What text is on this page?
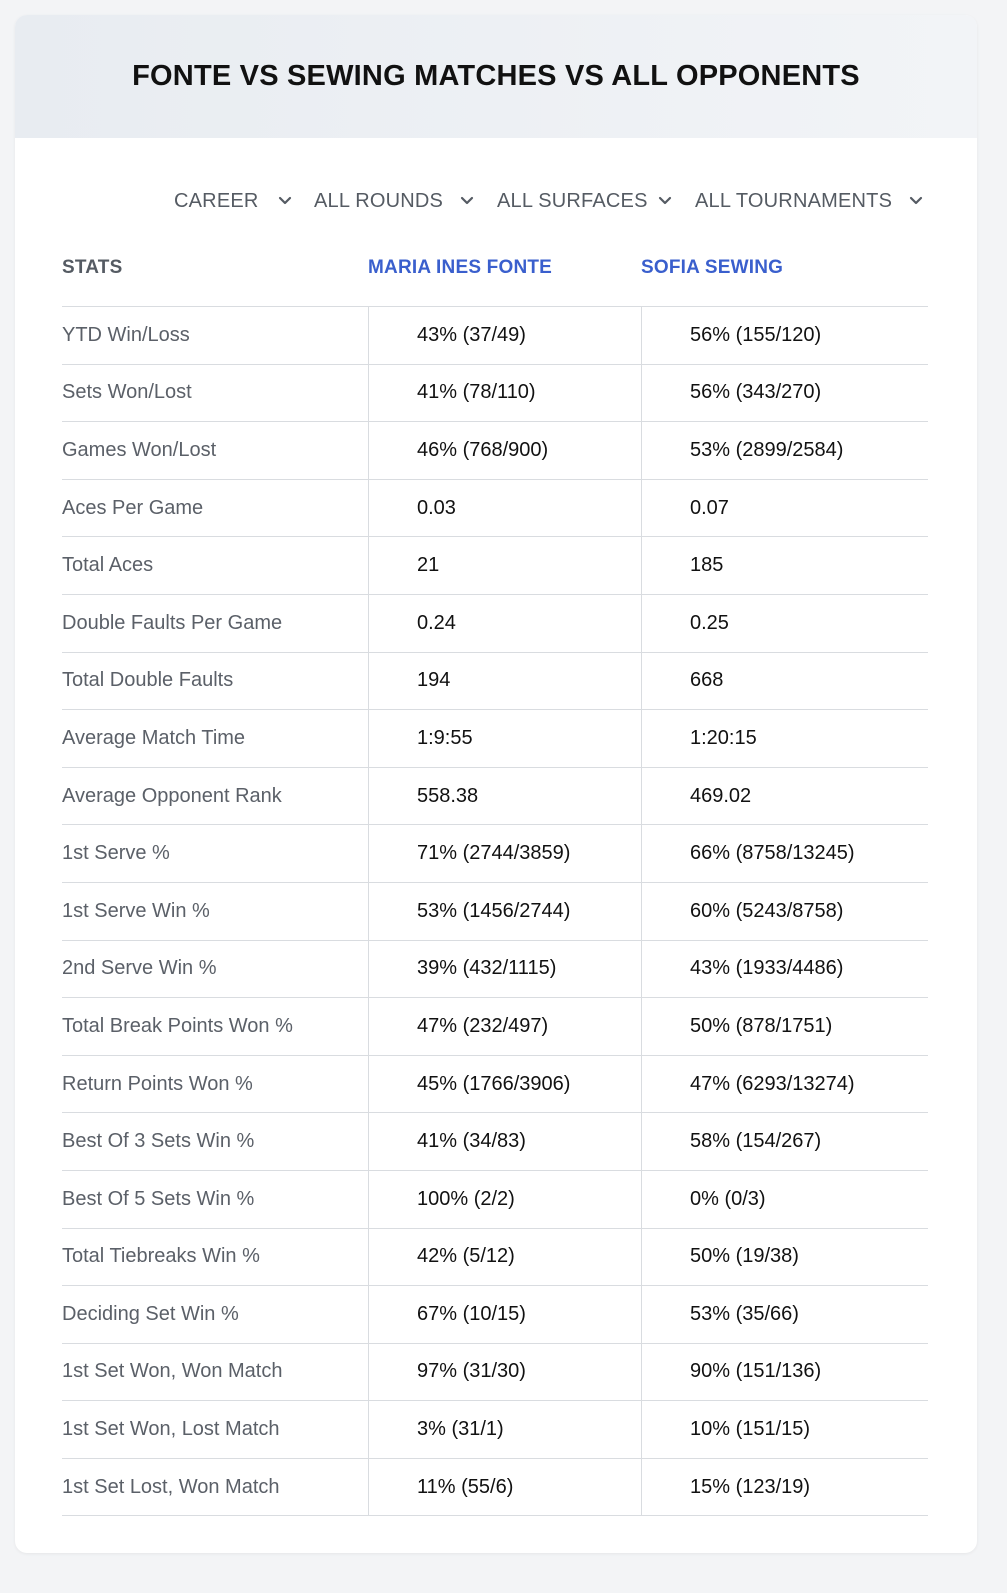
FONTE VS SEWING MATCHES VS ALL OPPONENTS
CAREER	ALL ROUNDS	ALL SURFACES ALL TOURNAMENTS
STATS	MARIA INES FONTE	SOFIA SEWING
YTD Win/Loss	43% (37/49)	56% (155/120)
Sets Won/Lost	41% (78/110)	56% (343/270)
Games Won/Lost	46% (768/900)	53% (2899/2584)
Aces Per Game	0.03	0.07
Total Aces	21	185
Double Faults Per Game	0.24	0.25
Total Double Faults	194	668
Average Match Time	1:9:55	1:20:15
Average Opponent Rank	558.38	469.02
1st Serve %	71% (2744/3859)	66% (8758/13245)
1st Serve Win %	53% (1456/2744)	60% (5243/8758)
2nd Serve Win %	39% (432/1115)	43% (1933/4486)
Total Break Points Won %	47% (232/497)	50% (878/1751)
Return Points Won %	45% (1766/3906)	47% (6293/13274)
Best Of 3 Sets Win %	41% (34/83)	58% (154/267)
Best Of 5 Sets Win %	100% (2/2)	0% (0/3)
Total Tiebreaks Win %	42% (5/12)	50% (19/38)
Deciding Set Win %	67% (10/15)	53% (35/66)
1st Set Won, Won Match	97% (31/30)	90% (151/136)
1st Set Won, Lost Match	3% (31/1)	10% (151/15)
1st Set Lost, Won Match	11% (55/6)	15% (123/19)
